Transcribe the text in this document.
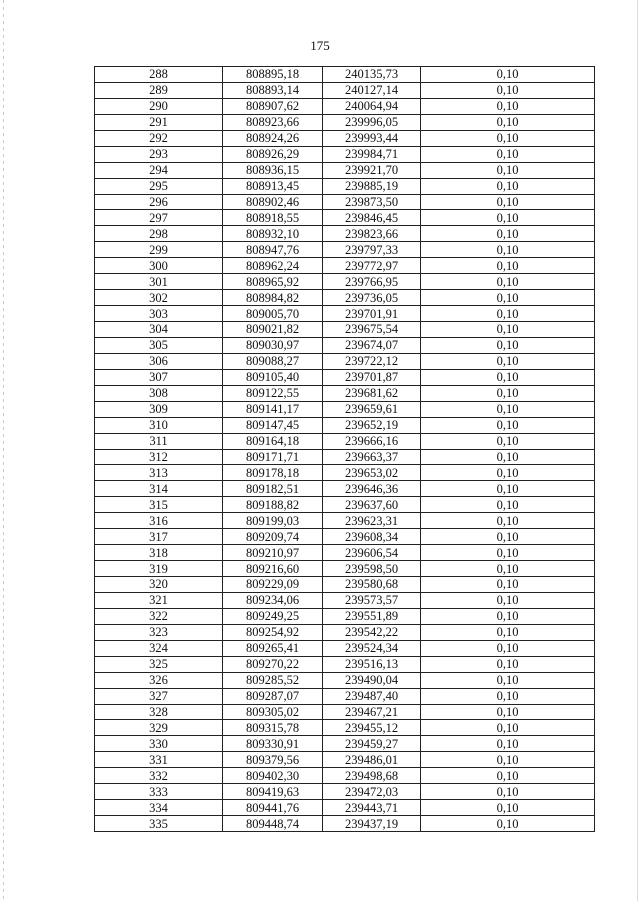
175
288	808895,18	240135,73	0,10
289	808893,14	240127,14	0,10
290	808907,62	240064,94	0,10
291	808923,66	239996,05	0,10
292	808924,26	239993,44	0,10
293	808926,29	239984,71	0,10
294	808936,15	239921,70	0,10
295	808913,45	239885,19	0,10
296	808902,46	239873,50	0,10
297	808918,55	239846,45	0,10
298	808932,10	239823,66	0,10
299	808947,76	239797,33	0,10
300	808962,24	239772,97	0,10
301	808965,92	239766,95	0,10
302	808984,82	239736,05	0,10
303	809005,70	239701,91	0,10
304	809021,82	239675,54	0,10
305	809030,97	239674,07	0,10
306	809088,27	239722,12	0,10
307	809105,40	239701,87	0,10
308	809122,55	239681,62	0,10
309	809141,17	239659,61	0,10
310	809147,45	239652,19	0,10
311	809164,18	239666,16	0,10
312	809171,71	239663,37	0,10
313	809178,18	239653,02	0,10
314	809182,51	239646,36	0,10
315	809188,82	239637,60	0,10
316	809199,03	239623,31	0,10
317	809209,74	239608,34	0,10
318	809210,97	239606,54	0,10
319	809216,60	239598,50	0,10
320	809229,09	239580,68	0,10
321	809234,06	239573,57	0,10
322	809249,25	239551,89	0,10
323	809254,92	239542,22	0,10
324	809265,41	239524,34	0,10
325	809270,22	239516,13	0,10
326	809285,52	239490,04	0,10
327	809287,07	239487,40	0,10
328	809305,02	239467,21	0,10
329	809315,78	239455,12	0,10
330	809330,91	239459,27	0,10
331	809379,56	239486,01	0,10
332	809402,30	239498,68	0,10
333	809419,63	239472,03	0,10
334	809441,76	239443,71	0,10
335	809448,74	239437,19	0,10
